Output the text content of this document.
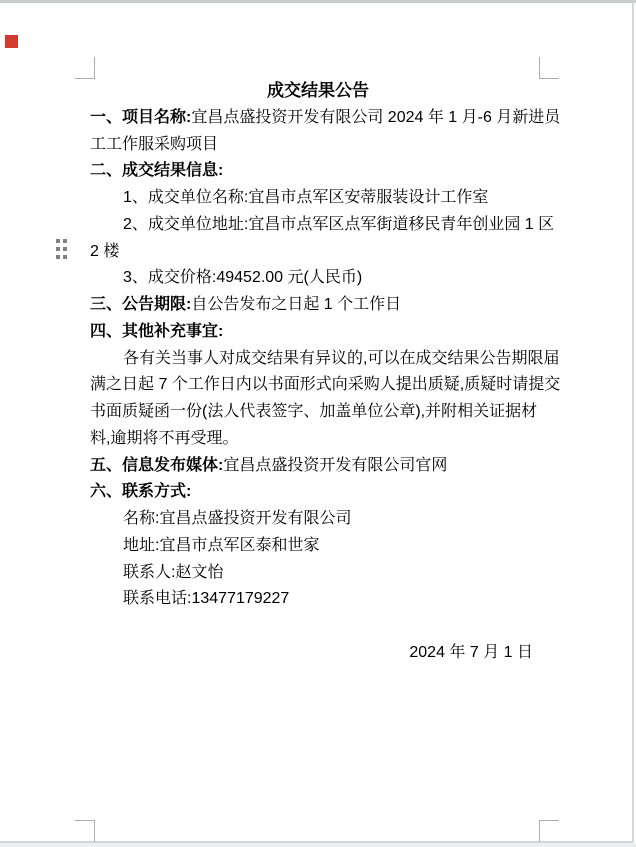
成交结果公告
一、项目名称:宜昌点盛投资开发有限公司 2024 年 1 月-6 月新进员
工工作服采购项目
二、成交结果信息:
1、成交单位名称:宜昌市点军区安蒂服装设计工作室
2、成交单位地址:宜昌市点军区点军街道移民青年创业园 1 区
2 楼
3、成交价格:49452.00 元(人民币)
三、公告期限:自公告发布之日起 1 个工作日
四、其他补充事宜:
各有关当事人对成交结果有异议的,可以在成交结果公告期限届
满之日起 7 个工作日内以书面形式向采购人提出质疑,质疑时请提交
书面质疑函一份(法人代表签字、加盖单位公章),并附相关证据材
料,逾期将不再受理。
五、信息发布媒体:宜昌点盛投资开发有限公司官网
六、联系方式:
名称:宜昌点盛投资开发有限公司
地址:宜昌市点军区泰和世家
联系人:赵文怡
联系电话:13477179227
2024 年 7 月 1 日
